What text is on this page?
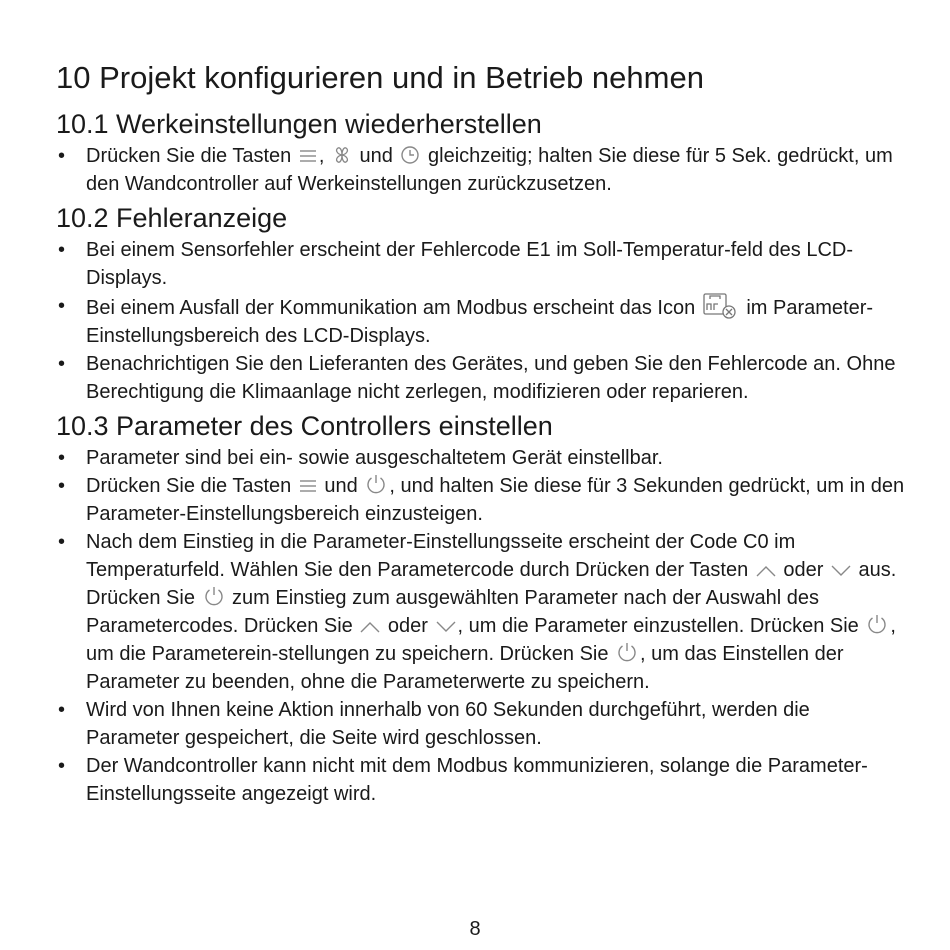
10 Projekt konfigurieren und in Betrieb nehmen
10.1 Werkeinstellungen wiederherstellen
• Drücken Sie die Tasten
,
und
gleichzeitig; halten Sie diese für 5 Sek. gedrückt, um den Wandcontroller auf Werkeinstellungen zurückzusetzen.
10.2 Fehleranzeige
• Bei einem Sensorfehler erscheint der Fehlercode E1 im Soll-Temperatur-feld des LCD-Displays.
• Bei einem Ausfall der Kommunikation am Modbus erscheint das Icon
im Parameter-Einstellungsbereich des LCD-Displays.
• Benachrichtigen Sie den Lieferanten des Gerätes, und geben Sie den Fehlercode an. Ohne Berechtigung die Klimaanlage nicht zerlegen, modifizieren oder reparieren.
10.3 Parameter des Controllers einstellen
• Parameter sind bei ein- sowie ausgeschaltetem Gerät einstellbar.
• Drücken Sie die Tasten
und
, und halten Sie diese für 3 Sekunden gedrückt, um in den Parameter-Einstellungsbereich einzusteigen.
• Nach dem Einstieg in die Parameter-Einstellungsseite erscheint der Code C0 im Temperaturfeld. Wählen Sie den Parametercode durch Drücken der Tasten
oder
aus. Drücken Sie
zum Einstieg zum ausgewählten Parameter nach der Auswahl des Parametercodes. Drücken Sie
oder
, um die Parameter einzustellen. Drücken Sie
, um die Parameterein-stellungen zu speichern. Drücken Sie
, um das Einstellen der Parameter zu beenden, ohne die Parameterwerte zu speichern.
• Wird von Ihnen keine Aktion innerhalb von 60 Sekunden durchgeführt, werden die Parameter gespeichert, die Seite wird geschlossen.
• Der Wandcontroller kann nicht mit dem Modbus kommunizieren, solange die Parameter-Einstellungsseite angezeigt wird.
8
